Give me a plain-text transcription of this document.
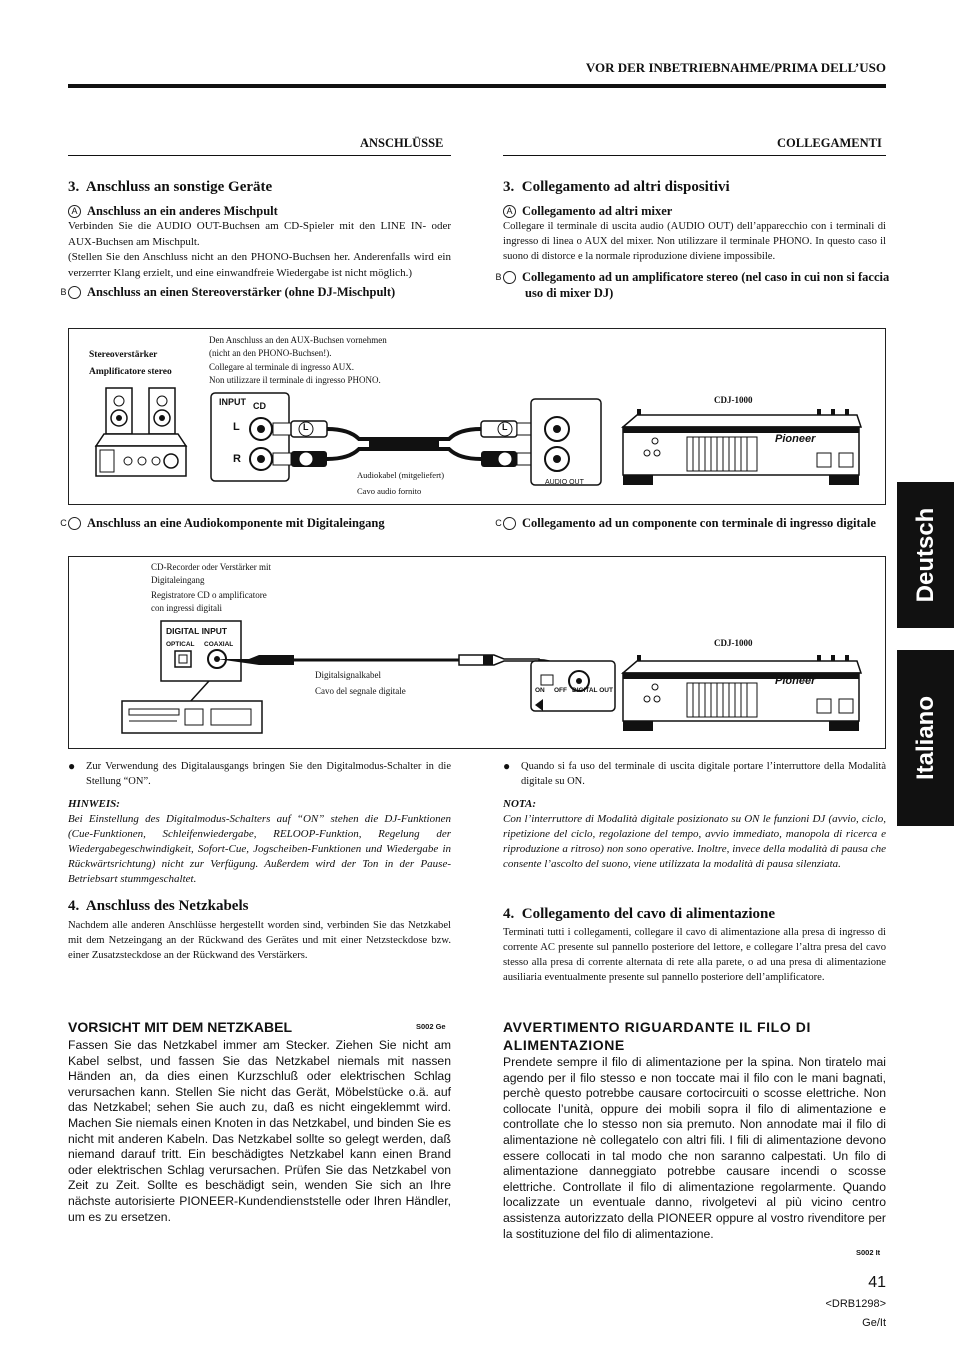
VOR DER INBETRIEBNAHME/PRIMA DELL’USO
ANSCHLÜSSE	COLLEGAMENTI
Deutsch
Italiano
3.  Anschluss an sonstige Geräte
A Anschluss an ein anderes Mischpult
Verbinden Sie die AUDIO OUT-Buchsen am CD-Spieler mit den LINE IN- oder AUX-Buchsen am Mischpult.
(Stellen Sie den Anschluss nicht an den PHONO-Buchsen her. Anderenfalls wird ein verzerrter Klang erzielt, und eine einwandfreie Wiedergabe ist nicht möglich.)
B Anschluss an einen Stereoverstärker (ohne DJ-Mischpult)
3.  Collegamento ad altri dispositivi
A Collegamento ad altri mixer
Collegare il terminale di uscita audio (AUDIO OUT) dell’apparecchio con i terminali di ingresso di linea o AUX del mixer. Non utilizzare il terminale PHONO. In questo caso il suono di distorce e la normale riproduzione diviene impossibile.
B Collegamento ad un amplificatore stereo (nel caso in cui non si faccia uso di mixer DJ)
Stereoverstärker
Amplificatore stereo
Den Anschluss an den AUX-Buchsen vornehmen
(nicht an den PHONO-Buchsen!).
Collegare al terminale di ingresso AUX.
Non utilizzare il terminale di ingresso PHONO.
INPUT CD
L
R
L
R
L
R
AUDIO OUT
Audiokabel (mitgeliefert)
Cavo audio fornito
CDJ-1000
Pioneer
C Anschluss an eine Audiokomponente mit Digitaleingang	C Collegamento ad un componente con terminale di ingresso digitale
CD-Recorder oder Verstärker mit
Digitaleingang
Registratore CD o amplificatore
con ingressi digitali
DIGITAL INPUT
OPTICAL COAXIAL
Digitalsignalkabel
Cavo del segnale digitale	ON OFF DIGITAL OUT
CDJ-1000
Pioneer
● Zur Verwendung des Digitalausgangs bringen Sie den Digitalmodus-Schalter in die Stellung “ON”.
● Quando si fa uso del terminale di uscita digitale portare l’interruttore della Modalità digitale su ON.
HINWEIS:
Bei Einstellung des Digitalmodus-Schalters auf “ON” stehen die DJ-Funktionen (Cue-Funktionen, Schleifenwiedergabe, RELOOP-Funktion, Regelung der Wiedergabegeschwindigkeit, Sofort-Cue, Jogscheiben-Funktionen und Wiedergabe in Rückwärtsrichtung) nicht zur Verfügung. Außerdem wird der Ton in der Pause-Betriebsart stummgeschaltet.
NOTA:
Con l’interruttore di Modalità digitale posizionato su ON le funzioni DJ (avvio, ciclo, ripetizione del ciclo, regolazione del tempo, avvio immediato, manopola di ricerca e riproduzione a ritroso) non sono operative. Inoltre, invece della modalità di pausa che consente l’ascolto del suono, viene utilizzata la modalità di pausa silenziata.
4.  Anschluss des Netzkabels
Nachdem alle anderen Anschlüsse hergestellt worden sind, verbinden Sie das Netzkabel mit dem Netzeingang an der Rückwand des Gerätes und mit einer Netzsteckdose bzw. einer Zusatzsteckdose an der Rückwand des Verstärkers.
4.  Collegamento del cavo di alimentazione
Terminati tutti i collegamenti, collegare il cavo di alimentazione alla presa di ingresso di corrente AC presente sul pannello posteriore del lettore, e collegare l’altra presa del cavo stesso alla presa di corrente alternata di rete alla parete, o ad una presa di alimentazione ausiliaria eventualmente presente sul pannello posteriore dell’amplificatore.
VORSICHT MIT DEM NETZKABEL	S002 Ge
Fassen Sie das Netzkabel immer am Stecker. Ziehen Sie nicht am Kabel selbst, und fassen Sie das Netzkabel niemals mit nassen Händen an, da dies einen Kurzschluß oder elektrischen Schlag verursachen kann. Stellen Sie nicht das Gerät, Möbelstücke o.ä. auf das Netzkabel; sehen Sie auch zu, daß es nicht eingeklemmt wird. Machen Sie niemals einen Knoten in das Netzkabel, und binden Sie es nicht mit anderen Kabeln. Das Netzkabel sollte so gelegt werden, daß niemand darauf tritt. Ein beschädigtes Netzkabel kann einen Brand oder elektrischen Schlag verursachen. Prüfen Sie das Netzkabel von Zeit zu Zeit. Sollte es beschädigt sein, wenden Sie sich an Ihre nächste autorisierte PIONEER-Kundendienststelle oder Ihren Händler, um es zu ersetzen.
AVVERTIMENTO RIGUARDANTE IL FILO DI ALIMENTAZIONE
Prendete sempre il filo di alimentazione per la spina. Non tiratelo mai agendo per il filo stesso e non toccate mai il filo con le mani bagnati, perchè questo potrebbe causare cortocircuiti o scosse elettriche. Non collocate l’unità, oppure dei mobili sopra il filo di alimentazione e controllate che lo stesso non sia premuto. Non annodate mai il filo di alimentazione nè collegatelo con altri fili. I fili di alimentazione devono essere collocati in tal modo che non saranno calpestati. Un filo di alimentazione danneggiato potrebbe causare incendi o scosse elettriche. Controllate il filo di alimentazione regolarmente. Quando localizzate un eventuale danno, rivolgetevi al più vicino centro assistenza autorizzato della PIONEER oppure al vostro rivenditore per la sostituzione del filo di alimentazione.
S002 It
41
<DRB1298>
Ge/It
